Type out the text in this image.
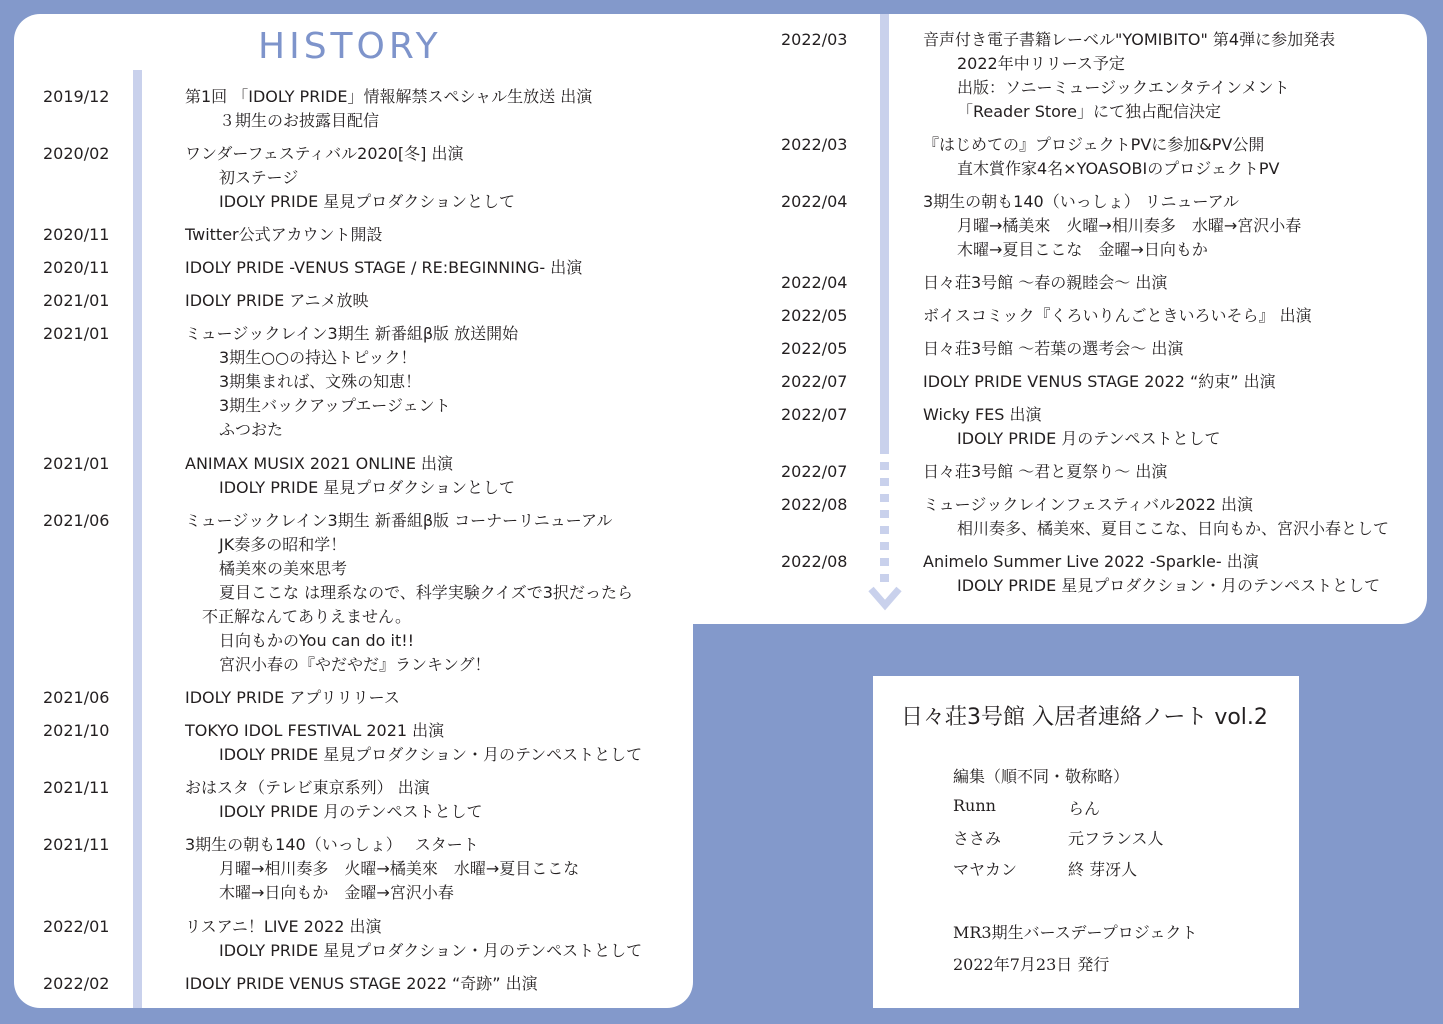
HISTORY
2019/12	第1回 「IDOLY PRIDE」情報解禁スペシャル生放送 出演
３期生のお披露目配信
2020/02	ワンダーフェスティバル2020[冬] 出演
初ステージ
IDOLY PRIDE 星見プロダクションとして
2020/11	Twitter公式アカウント開設
2020/11	IDOLY PRIDE -VENUS STAGE / RE:BEGINNING- 出演
2021/01	IDOLY PRIDE アニメ放映
2021/01	ミュージックレイン3期生 新番組β版 放送開始
3期生○○の持込トピック！
3期集まれば、文殊の知恵！
3期生バックアップエージェント
ふつおた
2021/01	ANIMAX MUSIX 2021 ONLINE 出演
IDOLY PRIDE 星見プロダクションとして
2021/06	ミュージックレイン3期生 新番組β版 コーナーリニューアル
JK奏多の昭和学！
橘美來の美來思考
夏目ここな は理系なので、科学実験クイズで3択だったら
不正解なんてありえません。
日向もかのYou can do it!!
宮沢小春の『やだやだ』ランキング！
2021/06	IDOLY PRIDE アプリリリース
2021/10	TOKYO IDOL FESTIVAL 2021 出演
IDOLY PRIDE 星見プロダクション・月のテンペストとして
2021/11	おはスタ（テレビ東京系列） 出演
IDOLY PRIDE 月のテンペストとして
2021/11	3期生の朝も140（いっしょ）　 スタート
月曜→相川奏多　火曜→橘美來　水曜→夏目ここな
木曜→日向もか　金曜→宮沢小春
2022/01	リスアニ！LIVE 2022 出演
IDOLY PRIDE 星見プロダクション・月のテンペストとして
2022/02	IDOLY PRIDE VENUS STAGE 2022 “奇跡” 出演
2022/03	音声付き電子書籍レーベル"YOMIBITO" 第4弾に参加発表
2022年中リリース予定
出版：ソニーミュージックエンタテインメント
「Reader Store」にて独占配信決定
2022/03	『はじめての』プロジェクトPVに参加&PV公開
直木賞作家4名×YOASOBIのプロジェクトPV
2022/04	3期生の朝も140（いっしょ） リニューアル
月曜→橘美來　火曜→相川奏多　水曜→宮沢小春
木曜→夏目ここな　金曜→日向もか
2022/04	日々荘3号館 〜春の親睦会〜 出演
2022/05	ボイスコミック『くろいりんごときいろいそら』 出演
2022/05	日々荘3号館 〜若葉の選考会〜 出演
2022/07	IDOLY PRIDE VENUS STAGE 2022 “約束” 出演
2022/07	Wicky FES 出演
IDOLY PRIDE 月のテンペストとして
2022/07	日々荘3号館 〜君と夏祭り〜 出演
2022/08	ミュージックレインフェスティバル2022 出演
相川奏多、橘美來、夏目ここな、日向もか、宮沢小春として
2022/08	Animelo Summer Live 2022 -Sparkle- 出演
IDOLY PRIDE 星見プロダクション・月のテンペストとして
日々荘3号館 入居者連絡ノート vol.2
編集（順不同・敬称略）
Runn	らん
ささみ	元フランス人
マヤカン	終 芽冴人
MR3期生バースデープロジェクト
2022年7月23日 発行
